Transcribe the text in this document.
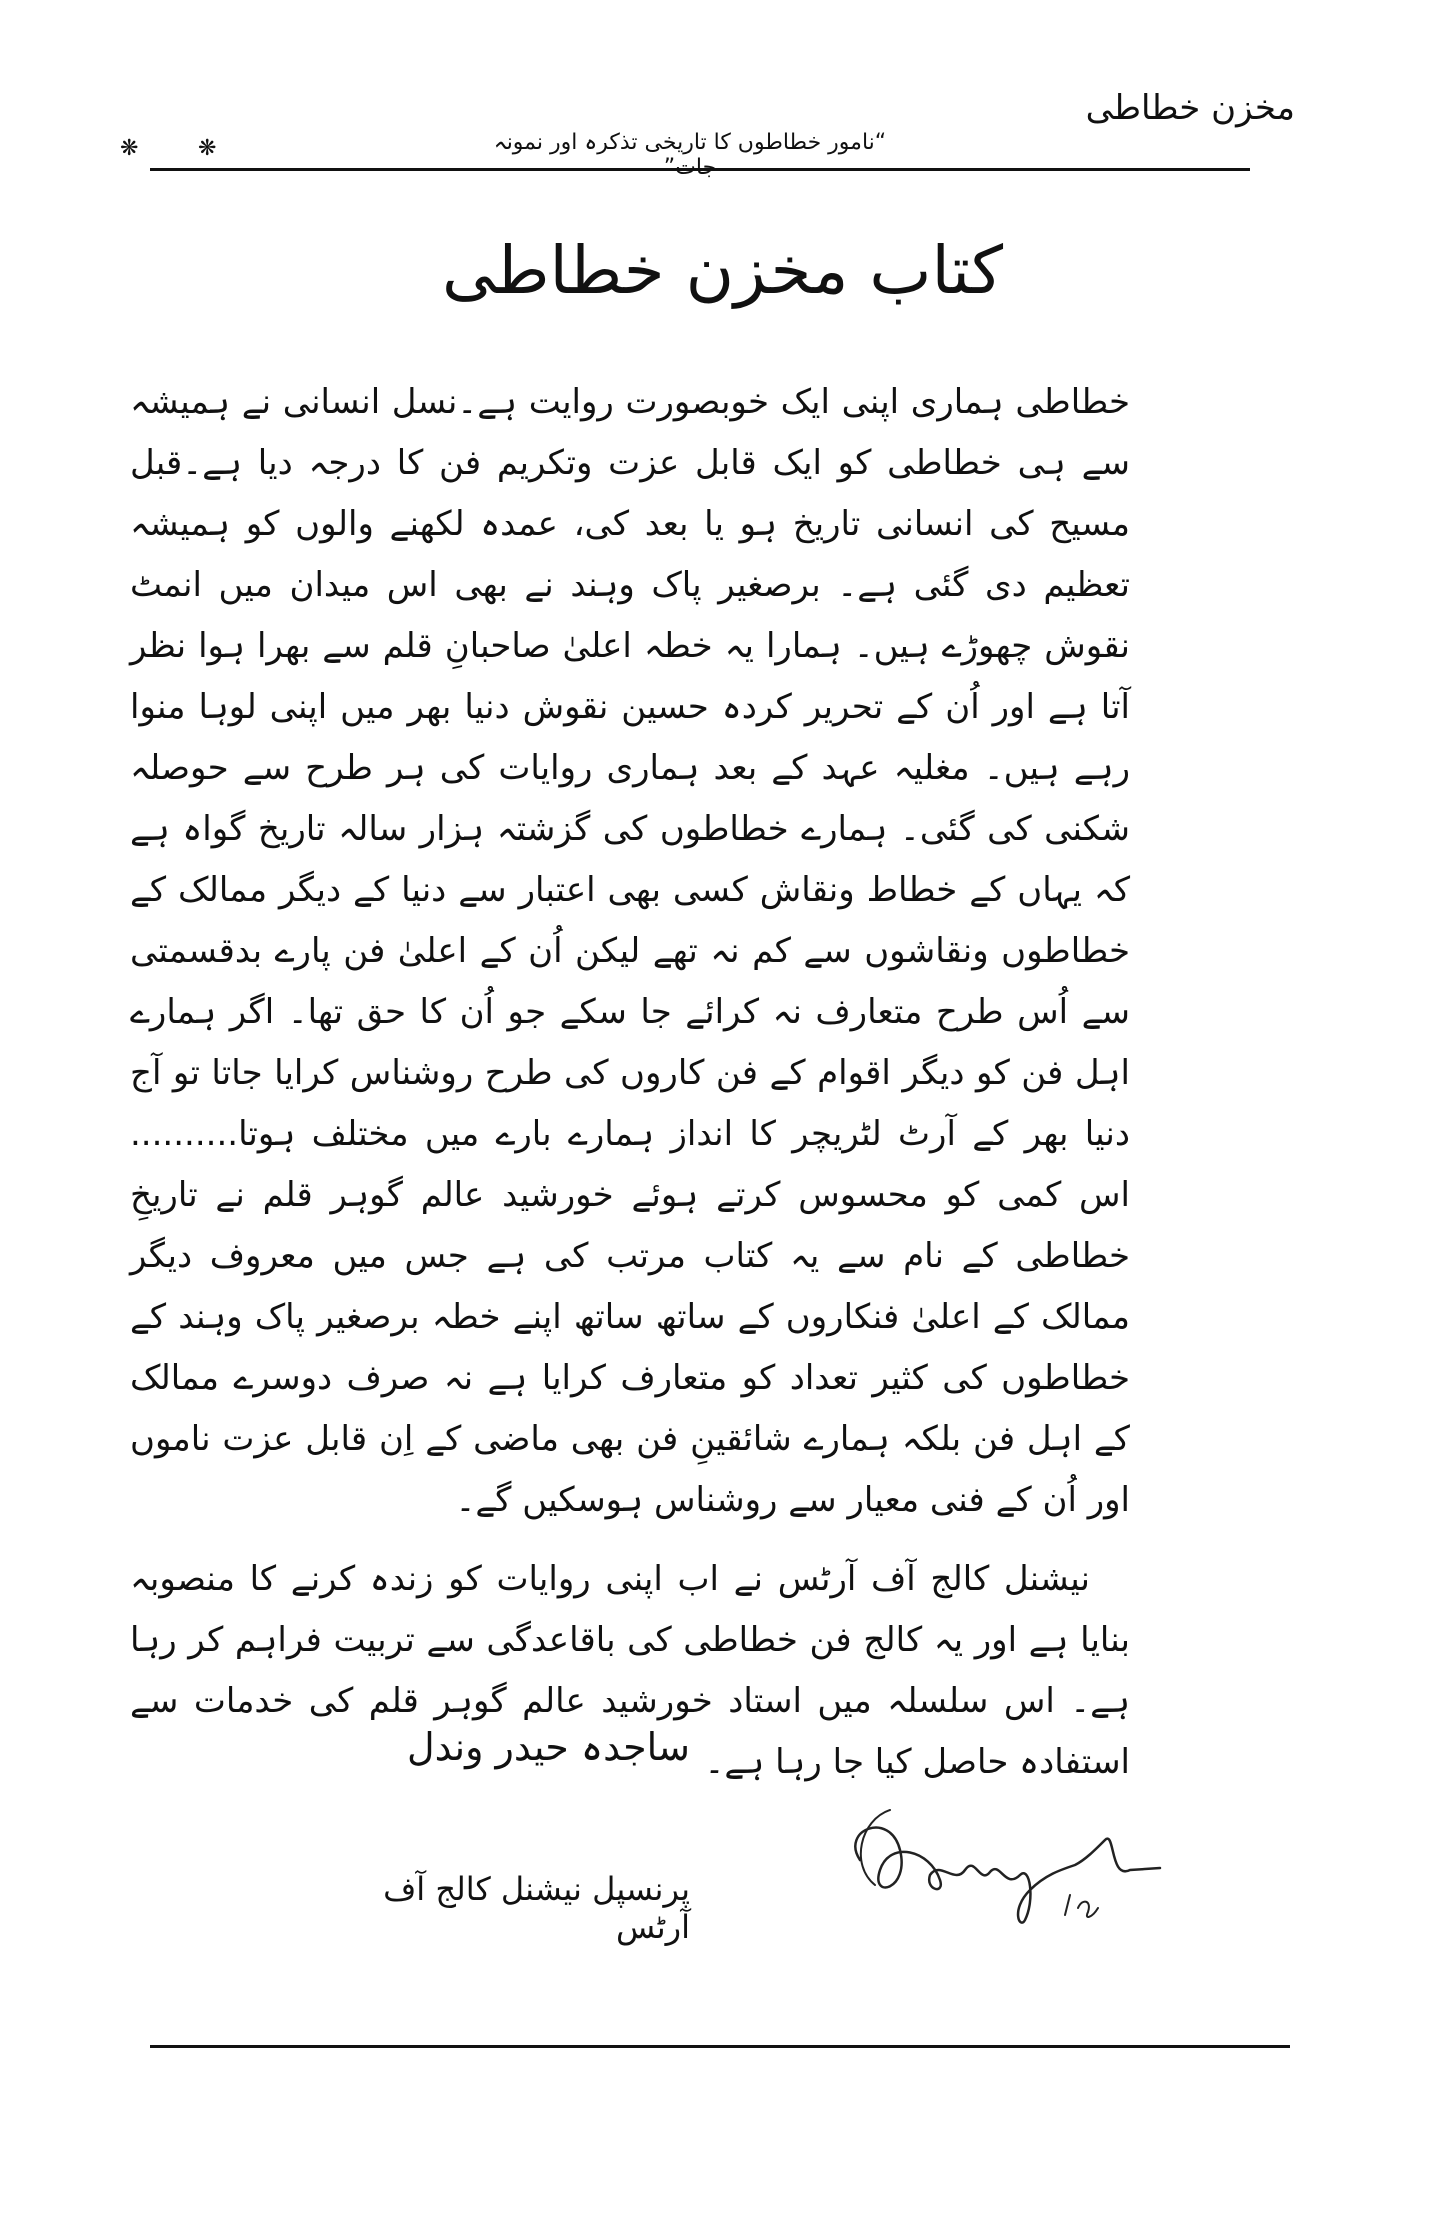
مخزن خطاطی
“نامور خطاطوں کا تاریخی تذکرہ اور نمونہ
❋	❋
کتاب مخزن خطاطی

خطاطی ہماری اپنی ایک خوبصورت روایت ہے۔نسل انسانی نے ہمیشہ سے ہی خطاطی کو ایک قابل عزت وتکریم فن کا درجہ دیا ہے۔قبل مسیح کی انسانی تاریخ ہو یا بعد کی، عمدہ لکھنے والوں کو ہمیشہ تعظیم دی گئی ہے۔ برصغیر پاک وہند نے بھی اس میدان میں انمٹ نقوش چھوڑے ہیں۔ ہمارا یہ خطہ اعلیٰ صاحبانِ قلم سے بھرا ہوا نظر آتا ہے اور اُن کے تحریر کردہ حسین نقوش دنیا بھر میں اپنی لوہا منوا رہے ہیں۔ مغلیہ عہد کے بعد ہماری روایات کی ہر طرح سے حوصلہ شکنی کی گئی۔ ہمارے خطاطوں کی گزشتہ ہزار سالہ تاریخ گواہ ہے کہ یہاں کے خطاط ونقاش کسی بھی اعتبار سے دنیا کے دیگر ممالک کے خطاطوں ونقاشوں سے کم نہ تھے لیکن اُن کے اعلیٰ فن پارے بدقسمتی سے اُس طرح متعارف نہ کرائے جا سکے جو اُن کا حق تھا۔ اگر ہمارے اہل فن کو دیگر اقوام کے فن کاروں کی طرح روشناس کرایا جاتا تو آج دنیا بھر کے آرٹ لٹریچر کا انداز ہمارے بارے میں مختلف ہوتا.......... اس کمی کو محسوس کرتے ہوئے خورشید عالم گوہر قلم نے تاریخِ خطاطی کے نام سے یہ کتاب مرتب کی ہے جس میں معروف دیگر ممالک کے اعلیٰ فنکاروں کے ساتھ ساتھ اپنے خطہ برصغیر پاک وہند کے خطاطوں کی کثیر تعداد کو متعارف کرایا ہے نہ صرف دوسرے ممالک کے اہل فن بلکہ ہمارے شائقینِ فن بھی ماضی کے اِن قابل عزت ناموں اور اُن کے فنی معیار سے روشناس ہوسکیں گے۔

نیشنل کالج آف آرٹس نے اب اپنی روایات کو زندہ کرنے کا منصوبہ بنایا ہے اور یہ کالج فن خطاطی کی باقاعدگی سے تربیت فراہم کر رہا ہے۔ اس سلسلہ میں استاد خورشید عالم گوہر قلم کی خدمات سے استفادہ حاصل کیا جا رہا ہے۔

ساجدہ حیدر وندل
پرنسپل نیشنل کالج آف آرٹس
